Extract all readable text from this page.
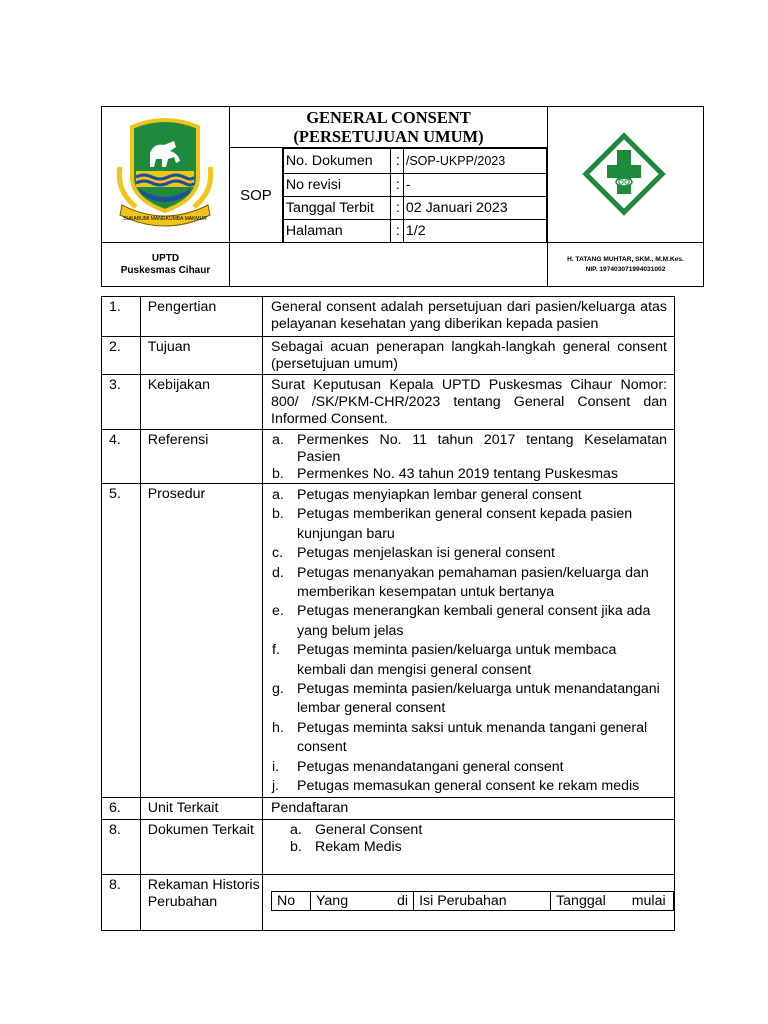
SUKABUMI MANGKUMBA MAKMUR

GENERAL CONSENT
(PERSETUJUAN UMUM)

SOP	
No. Dokumen	:	/SOP-UKPP/2023
No revisi	:	-
Tanggal Terbit	:	02 Januari 2023
Halaman	:	1/2

UPTD
Puskesmas Cihaur

H. TATANG MUHTAR, SKM., M.M.Kes.
NIP. 197403071994031002
1.	Pengertian	General consent adalah persetujuan dari pasien/keluarga atas pelayanan kesehatan yang diberikan kepada pasien
2.	Tujuan	Sebagai acuan penerapan langkah-langkah general consent (persetujuan umum)
3.	Kebijakan	Surat Keputusan Kepala UPTD Puskesmas Cihaur Nomor: 800/ /SK/PKM-CHR/2023 tentang General Consent dan Informed Consent.
4.	Referensi	a. Permenkes No. 11 tahun 2017 tentang Keselamatan Pasien
b. Permenkes No. 43 tahun 2019 tentang Puskesmas

5.	Prosedur	a. Petugas menyiapkan lembar general consent
b. Petugas memberikan general consent kepada pasien kunjungan baru
c. Petugas menjelaskan isi general consent
d. Petugas menanyakan pemahaman pasien/keluarga dan memberikan kesempatan untuk bertanya
e. Petugas menerangkan kembali general consent jika ada yang belum jelas
f. Petugas meminta pasien/keluarga untuk membaca kembali dan mengisi general consent
g. Petugas meminta pasien/keluarga untuk menandatangani lembar general consent
h. Petugas meminta saksi untuk menanda tangani general consent
i. Petugas menandatangani general consent
j. Petugas memasukan general consent ke rekam medis

6.	Unit Terkait	Pendaftaran
8.	Dokumen Terkait	a. General Consent
b. Rekam Medis

8.	Rekaman Historis Perubahan		No	Yang di	Isi Perubahan	Tanggal mulai
